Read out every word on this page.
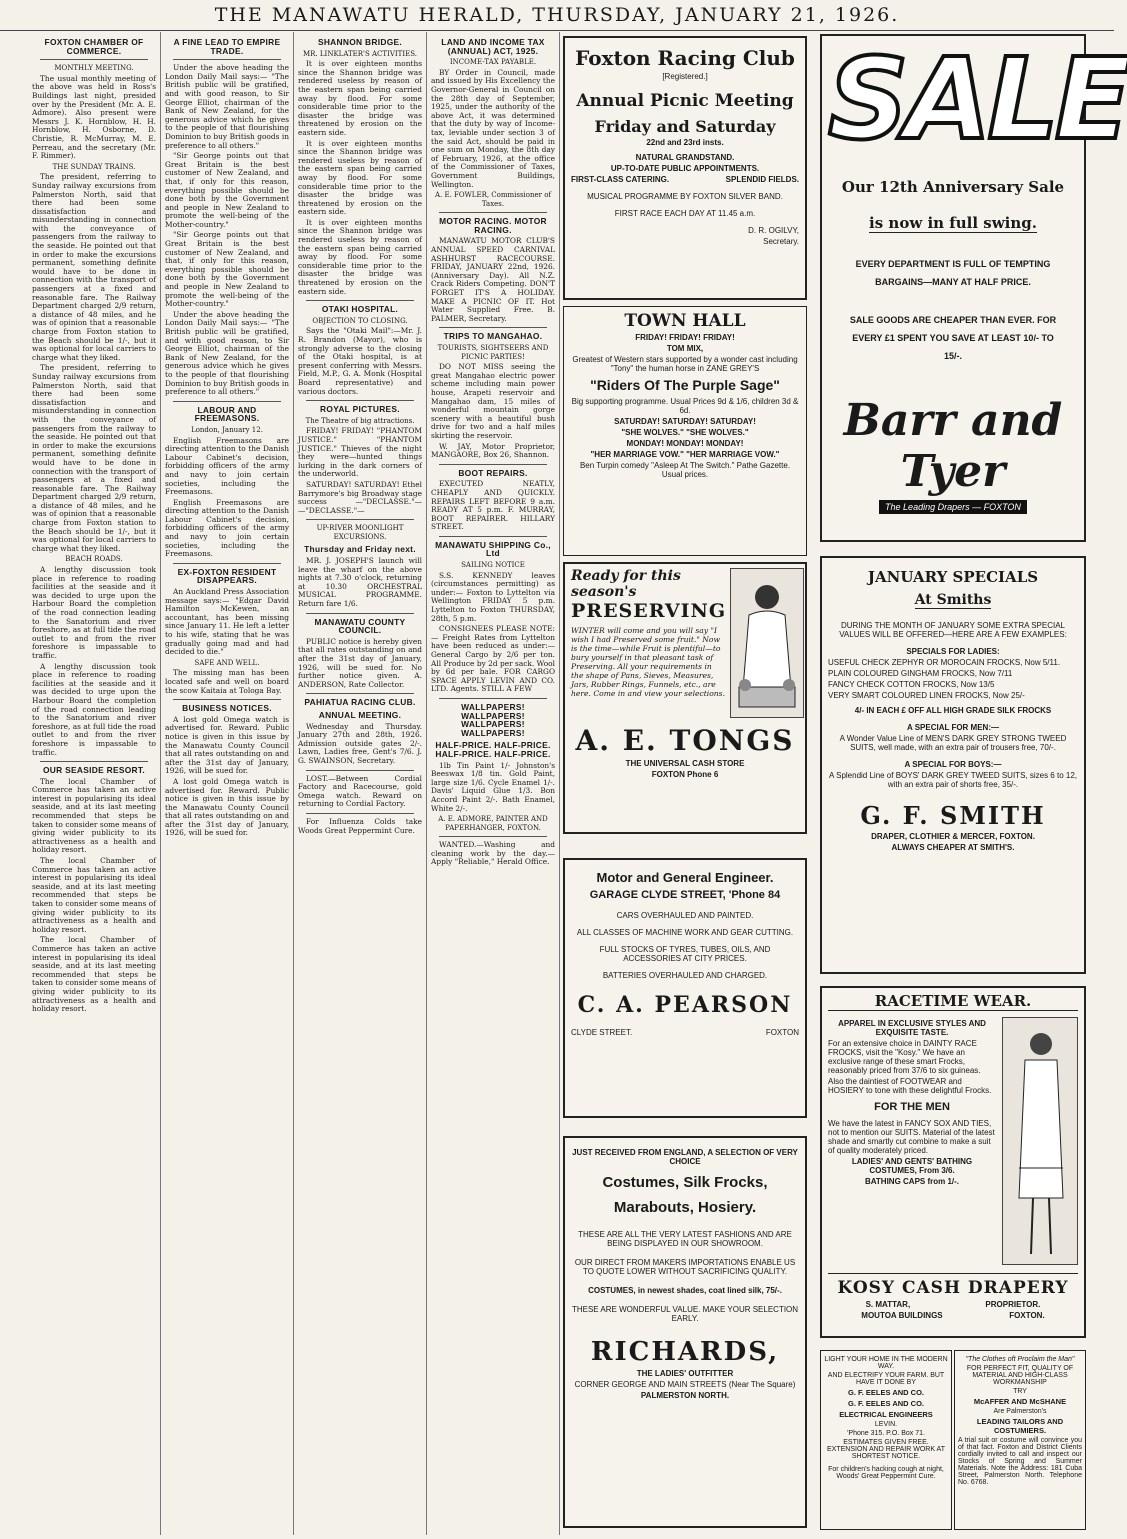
THE MANAWATU HERALD, THURSDAY, JANUARY 21, 1926.
FOXTON CHAMBER OF COMMERCE.
MONTHLY MEETING.

The usual monthly meeting of the above was held in Ross's Buildings last night, presided over by the President (Mr. A. E. Admore). Also present were Messrs J. K. Hornblow, H. H. Hornblow, H. Osborne, D. Christie, R. McMurray, M. E. Perreau, and the secretary (Mr. F. Rimmer).

THE SUNDAY TRAINS.

The president, referring to Sunday railway excursions from Palmerston North, said that there had been some dissatisfaction and misunderstanding in connection with the conveyance of passengers from the railway to the seaside. He pointed out that in order to make the excursions permanent, something definite would have to be done in connection with the transport of passengers at a fixed and reasonable fare. The Railway Department charged 2/9 return, a distance of 48 miles, and he was of opinion that a reasonable charge from Foxton station to the Beach should be 1/-, but it was optional for local carriers to charge what they liked.

The president, referring to Sunday railway excursions from Palmerston North, said that there had been some dissatisfaction and misunderstanding in connection with the conveyance of passengers from the railway to the seaside. He pointed out that in order to make the excursions permanent, something definite would have to be done in connection with the transport of passengers at a fixed and reasonable fare. The Railway Department charged 2/9 return, a distance of 48 miles, and he was of opinion that a reasonable charge from Foxton station to the Beach should be 1/-, but it was optional for local carriers to charge what they liked.

BEACH ROADS.

A lengthy discussion took place in reference to roading facilities at the seaside and it was decided to urge upon the Harbour Board the completion of the road connection leading to the Sanatorium and river foreshore, as at full tide the road outlet to and from the river foreshore is impassable to traffic.

A lengthy discussion took place in reference to roading facilities at the seaside and it was decided to urge upon the Harbour Board the completion of the road connection leading to the Sanatorium and river foreshore, as at full tide the road outlet to and from the river foreshore is impassable to traffic.

OUR SEASIDE RESORT.

The local Chamber of Commerce has taken an active interest in popularising its ideal seaside, and at its last meeting recommended that steps be taken to consider some means of giving wider publicity to its attractiveness as a health and holiday resort.

The local Chamber of Commerce has taken an active interest in popularising its ideal seaside, and at its last meeting recommended that steps be taken to consider some means of giving wider publicity to its attractiveness as a health and holiday resort.

The local Chamber of Commerce has taken an active interest in popularising its ideal seaside, and at its last meeting recommended that steps be taken to consider some means of giving wider publicity to its attractiveness as a health and holiday resort.

A FINE LEAD TO EMPIRE TRADE.

Under the above heading the London Daily Mail says:— "The British public will be gratified, and with good reason, to Sir George Elliot, chairman of the Bank of New Zealand, for the generous advice which he gives to the people of that flourishing Dominion to buy British goods in preference to all others."

"Sir George points out that Great Britain is the best customer of New Zealand, and that, if only for this reason, everything possible should be done both by the Government and people in New Zealand to promote the well-being of the Mother-country."

"Sir George points out that Great Britain is the best customer of New Zealand, and that, if only for this reason, everything possible should be done both by the Government and people in New Zealand to promote the well-being of the Mother-country."

Under the above heading the London Daily Mail says:— "The British public will be gratified, and with good reason, to Sir George Elliot, chairman of the Bank of New Zealand, for the generous advice which he gives to the people of that flourishing Dominion to buy British goods in preference to all others."

LABOUR AND FREEMASONS.
London, January 12.

English Freemasons are directing attention to the Danish Labour Cabinet's decision, forbidding officers of the army and navy to join certain societies, including the Freemasons.

English Freemasons are directing attention to the Danish Labour Cabinet's decision, forbidding officers of the army and navy to join certain societies, including the Freemasons.

EX-FOXTON RESIDENT DISAPPEARS.

An Auckland Press Association message says:— "Edgar David Hamilton McKewen, an accountant, has been missing since January 11. He left a letter to his wife, stating that he was gradually going mad and had decided to die."

SAFE AND WELL.

The missing man has been located safe and well on board the scow Kaitaia at Tologa Bay.

BUSINESS NOTICES.

A lost gold Omega watch is advertised for. Reward. Public notice is given in this issue by the Manawatu County Council that all rates outstanding on and after the 31st day of January, 1926, will be sued for.

A lost gold Omega watch is advertised for. Reward. Public notice is given in this issue by the Manawatu County Council that all rates outstanding on and after the 31st day of January, 1926, will be sued for.

SHANNON BRIDGE.
MR. LINKLATER'S ACTIVITIES.

It is over eighteen months since the Shannon bridge was rendered useless by reason of the eastern span being carried away by flood. For some considerable time prior to the disaster the bridge was threatened by erosion on the eastern side.

It is over eighteen months since the Shannon bridge was rendered useless by reason of the eastern span being carried away by flood. For some considerable time prior to the disaster the bridge was threatened by erosion on the eastern side.

It is over eighteen months since the Shannon bridge was rendered useless by reason of the eastern span being carried away by flood. For some considerable time prior to the disaster the bridge was threatened by erosion on the eastern side.

OTAKI HOSPITAL.
OBJECTION TO CLOSING.

Says the "Otaki Mail":—Mr. J. R. Brandon (Mayor), who is strongly adverse to the closing of the Otaki hospital, is at present conferring with Messrs. Field, M.P., G. A. Monk (Hospital Board representative) and various doctors.

ROYAL PICTURES.
The Theatre of big attractions.

FRIDAY! FRIDAY! "PHANTOM JUSTICE." "PHANTOM JUSTICE." Thieves of the night they were—hunted things lurking in the dark corners of the underworld.

SATURDAY! SATURDAY! Ethel Barrymore's big Broadway stage success —"DECLASSE."— —"DECLASSE."—

UP-RIVER MOONLIGHT EXCURSIONS.
Thursday and Friday next.

MR. J. JOSEPH'S launch will leave the wharf on the above nights at 7.30 o'clock, returning at 10.30 ORCHESTRAL MUSICAL PROGRAMME. Return fare 1/6.

MANAWATU COUNTY COUNCIL.

PUBLIC notice is hereby given that all rates outstanding on and after the 31st day of January, 1926, will be sued for. No further notice given. A. ANDERSON, Rate Collector.

PAHIATUA RACING CLUB.
ANNUAL MEETING.

Wednesday and Thursday. January 27th and 28th, 1926. Admission outside gates 2/-. Lawn, Ladies free, Gent's 7/6. J. G. SWAINSON, Secretary.

LOST.—Between Cordial Factory and Racecourse, gold Omega watch. Reward on returning to Cordial Factory.

For Influenza Colds take Woods Great Peppermint Cure.

LAND AND INCOME TAX (ANNUAL) ACT, 1925.
INCOME-TAX PAYABLE.

BY Order in Council, made and issued by His Excellency the Governor-General in Council on the 28th day of September, 1925, under the authority of the above Act, it was determined that the duty by way of Income-tax, leviable under section 3 of the said Act, should be paid in one sum on Monday, the 8th day of February, 1926, at the office of the Commissioner of Taxes, Government Buildings, Wellington.

A. E. FOWLER, Commissioner of Taxes.
MOTOR RACING. MOTOR RACING.

MANAWATU MOTOR CLUB'S ANNUAL SPEED CARNIVAL ASHHURST RACECOURSE. FRIDAY, JANUARY 22nd, 1926. (Anniversary Day). All N.Z. Crack Riders Competing. DON'T FORGET IT'S A HOLIDAY. MAKE A PICNIC OF IT. Hot Water Supplied Free. B. PALMER, Secretary.

TRIPS TO MANGAHAO.
TOURISTS, SIGHTSEERS AND PICNIC PARTIES!

DO NOT MISS seeing the great Mangahao electric power scheme including main power house, Arapeti reservoir and Mangahao dam, 15 miles of wonderful mountain gorge scenery with a beautiful bush drive for two and a half miles skirting the reservoir.

W. JAY, Motor Proprietor, MANGAORE, Box 26, Shannon.

BOOT REPAIRS.

EXECUTED NEATLY, CHEAPLY AND QUICKLY. REPAIRS LEFT BEFORE 9 a.m. READY AT 5 p.m. F. MURRAY, BOOT REPAIRER. HILLARY STREET.

MANAWATU SHIPPING Co., Ltd
SAILING NOTICE

S.S. KENNEDY leaves (circumstances permitting) as under:— Foxton to Lyttelton via Wellington FRIDAY 5 p.m. Lyttelton to Foxton THURSDAY, 28th, 5 p.m.

CONSIGNEES PLEASE NOTE:— Freight Rates from Lyttelton have been reduced as under:— General Cargo by 2/6 per ton. All Produce by 2d per sack. Wool by 6d per bale. FOR CARGO SPACE APPLY LEVIN AND CO. LTD. Agents. STILL A FEW

WALLPAPERS! WALLPAPERS! WALLPAPERS! WALLPAPERS!
HALF-PRICE. HALF-PRICE. HALF-PRICE. HALF-PRICE.

1lb Tin Paint 1/- Johnston's Beeswax 1/8 tin. Gold Paint, large size 1/6. Cycle Enamel 1/-. Davis' Liquid Glue 1/3. Bon Accord Paint 2/-. Bath Enamel, White 2/-.

A. E. ADMORE, PAINTER AND PAPERHANGER, FOXTON.

WANTED.—Washing and cleaning work by the day.—Apply "Reliable," Herald Office.

Foxton Racing Club
[Registered.]
Annual Picnic Meeting
Friday and Saturday
22nd and 23rd insts.
NATURAL GRANDSTAND.
UP-TO-DATE PUBLIC APPOINTMENTS.
FIRST-CLASS CATERING.	SPLENDID FIELDS.
MUSICAL PROGRAMME BY FOXTON SILVER BAND.
FIRST RACE EACH DAY AT 11.45 a.m.
D. R. OGILVY,
Secretary.
TOWN HALL
FRIDAY! FRIDAY! FRIDAY!
TOM MIX,
Greatest of Western stars supported by a wonder cast including "Tony" the human horse in ZANE GREY'S
"Riders Of The Purple Sage"
Big supporting programme. Usual Prices 9d & 1/6, children 3d & 6d.
SATURDAY! SATURDAY! SATURDAY!
"SHE WOLVES." "SHE WOLVES."
MONDAY! MONDAY! MONDAY!
"HER MARRIAGE VOW." "HER MARRIAGE VOW."
Ben Turpin comedy "Asleep At The Switch." Pathe Gazette. Usual prices.
Ready for this season's
PRESERVING
WINTER will come and you will say "I wish I had Preserved some fruit." Now is the time—while Fruit is plentiful—to bury yourself in that pleasant task of Preserving. All your requirements in the shape of Pans, Sieves, Measures, Jars, Rubber Rings, Funnels, etc., are here. Come in and view your selections.
A. E. TONGS
THE UNIVERSAL CASH STORE
FOXTON Phone 6
Motor and General Engineer.
GARAGE CLYDE STREET, 'Phone 84
CARS OVERHAULED AND PAINTED.
ALL CLASSES OF MACHINE WORK AND GEAR CUTTING.
FULL STOCKS OF TYRES, TUBES, OILS, AND ACCESSORIES AT CITY PRICES.
BATTERIES OVERHAULED AND CHARGED.
C. A. PEARSON
CLYDE STREET.	FOXTON
JUST RECEIVED FROM ENGLAND, A SELECTION OF VERY CHOICE
Costumes, Silk Frocks,
Marabouts, Hosiery.
THESE ARE ALL THE VERY LATEST FASHIONS AND ARE BEING DISPLAYED IN OUR SHOWROOM.
OUR DIRECT FROM MAKERS IMPORTATIONS ENABLE US TO QUOTE LOWER WITHOUT SACRIFICING QUALITY.
COSTUMES, in newest shades, coat lined silk, 75/-.
THESE ARE WONDERFUL VALUE. MAKE YOUR SELECTION EARLY.
RICHARDS,
THE LADIES' OUTFITTER
CORNER GEORGE AND MAIN STREETS (Near The Square)
PALMERSTON NORTH.
SALE
Our 12th Anniversary Sale
is now in full swing.
EVERY DEPARTMENT IS FULL OF TEMPTING BARGAINS—MANY AT HALF PRICE.
SALE GOODS ARE CHEAPER THAN EVER. FOR EVERY £1 SPENT YOU SAVE AT LEAST 10/- TO 15/-.
Barr and Tyer
The Leading Drapers — FOXTON
JANUARY SPECIALS
At Smiths
DURING THE MONTH OF JANUARY SOME EXTRA SPECIAL VALUES WILL BE OFFERED—HERE ARE A FEW EXAMPLES:
SPECIALS FOR LADIES:
USEFUL CHECK ZEPHYR OR MOROCAIN FROCKS, Now 5/11.
PLAIN COLOURED GINGHAM FROCKS, Now 7/11
FANCY CHECK COTTON FROCKS, Now 13/5
VERY SMART COLOURED LINEN FROCKS, Now 25/-
4/- IN EACH £ OFF ALL HIGH GRADE SILK FROCKS
A SPECIAL FOR MEN:—
A Wonder Value Line of MEN'S DARK GREY STRONG TWEED SUITS, well made, with an extra pair of trousers free, 70/-.
A SPECIAL FOR BOYS:—
A Splendid Line of BOYS' DARK GREY TWEED SUITS, sizes 6 to 12, with an extra pair of shorts free, 35/-.
G. F. SMITH
DRAPER, CLOTHIER & MERCER, FOXTON.
ALWAYS CHEAPER AT SMITH'S.
RACETIME WEAR.
APPAREL IN EXCLUSIVE STYLES AND EXQUISITE TASTE.
For an extensive choice in DAINTY RACE FROCKS, visit the "Kosy." We have an exclusive range of these smart Frocks, reasonably priced from 37/6 to six guineas.
Also the daintiest of FOOTWEAR and HOSIERY to tone with these delightful Frocks.
FOR THE MEN
We have the latest in FANCY SOX AND TIES, not to mention our SUITS. Material of the latest shade and smartly cut combine to make a suit of quality moderately priced.
LADIES' AND GENTS' BATHING COSTUMES, From 3/6.
BATHING CAPS from 1/-.
KOSY CASH DRAPERY
S. MATTAR,	PROPRIETOR.
MOUTOA BUILDINGS	FOXTON.
LIGHT YOUR HOME IN THE MODERN WAY.
AND ELECTRIFY YOUR FARM. BUT HAVE IT DONE BY
G. F. EELES AND CO.
G. F. EELES AND CO.
ELECTRICAL ENGINEERS
LEVIN.
'Phone 315. P.O. Box 71.
ESTIMATES GIVEN FREE. EXTENSION AND REPAIR WORK AT SHORTEST NOTICE.
For children's hacking cough at night, Woods' Great Peppermint Cure.
"The Clothes oft Proclaim the Man"
FOR PERFECT FIT, QUALITY OF MATERIAL AND HIGH-CLASS WORKMANSHIP
TRY
McAFFER AND McSHANE
Are Palmerston's
LEADING TAILORS AND COSTUMIERS.
A trial suit or costume will convince you of that fact. Foxton and District Clients cordially invited to call and inspect our Stocks of Spring and Summer Materials. Note the Address: 181 Cuba Street, Palmerston North. Telephone No. 6768.
